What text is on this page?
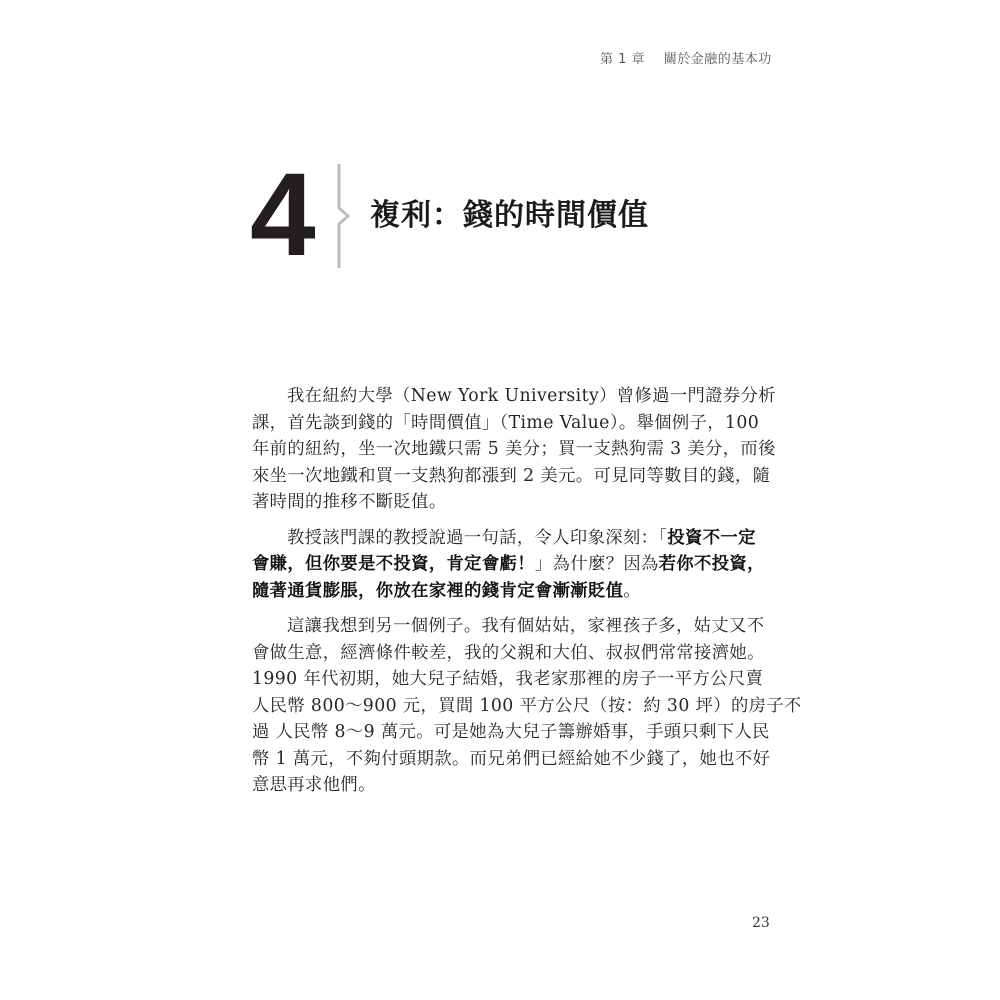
第 1 章 關於金融的基本功
4 複利：錢的時間價值
我在紐約大學（New York University）曾修過一門證券分析
課，首先談到錢的「時間價值」（Time Value）。舉個例子，100
年前的紐約，坐一次地鐵只需 5 美分；買一支熱狗需 3 美分，而後
來坐一次地鐵和買一支熱狗都漲到 2 美元。可見同等數目的錢，隨
著時間的推移不斷貶值。
教授該門課的教授說過一句話，令人印象深刻：「投資不一定
會賺，但你要是不投資，肯定會虧！」為什麼？因為若你不投資，
隨著通貨膨脹，你放在家裡的錢肯定會漸漸貶值。
這讓我想到另一個例子。我有個姑姑，家裡孩子多，姑丈又不
會做生意，經濟條件較差，我的父親和大伯、叔叔們常常接濟她。
1990 年代初期，她大兒子結婚，我老家那裡的房子一平方公尺賣
人民幣 800～900 元，買間 100 平方公尺（按：約 30 坪）的房子不
過 人民幣 8～9 萬元。可是她為大兒子籌辦婚事，手頭只剩下人民
幣 1 萬元，不夠付頭期款。而兄弟們已經給她不少錢了，她也不好
意思再求他們。
23
